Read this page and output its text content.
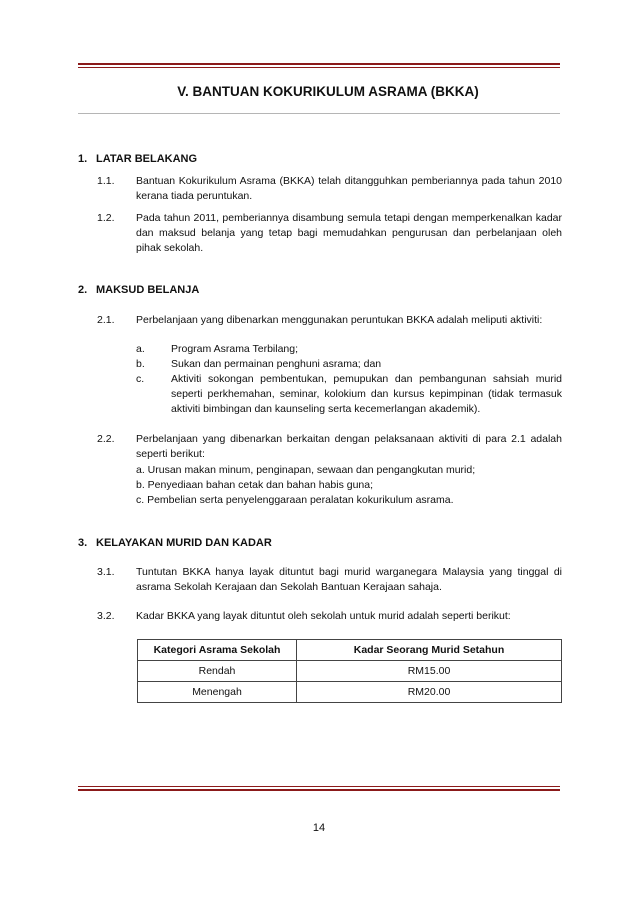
V. BANTUAN KOKURIKULUM ASRAMA (BKKA)
1. LATAR BELAKANG
1.1. Bantuan Kokurikulum Asrama (BKKA) telah ditangguhkan pemberiannya pada tahun 2010 kerana tiada peruntukan.
1.2. Pada tahun 2011, pemberiannya disambung semula tetapi dengan memperkenalkan kadar dan maksud belanja yang tetap bagi memudahkan pengurusan dan perbelanjaan oleh pihak sekolah.
2. MAKSUD BELANJA
2.1. Perbelanjaan yang dibenarkan menggunakan peruntukan BKKA adalah meliputi aktiviti:
a. Program Asrama Terbilang;
b. Sukan dan permainan penghuni asrama; dan
c.	Aktiviti sokongan pembentukan, pemupukan dan pembangunan sahsiah murid seperti perkhemahan, seminar, kolokium dan kursus kepimpinan (tidak termasuk aktiviti bimbingan dan kaunseling serta kecemerlangan akademik).
2.2. Perbelanjaan yang dibenarkan berkaitan dengan pelaksanaan aktiviti di para 2.1 adalah seperti berikut:
a. Urusan makan minum, penginapan, sewaan dan pengangkutan murid;
b. Penyediaan bahan cetak dan bahan habis guna;
c. Pembelian serta penyelenggaraan peralatan kokurikulum asrama.
3. KELAYAKAN MURID DAN KADAR
3.1. Tuntutan BKKA hanya layak dituntut bagi murid warganegara Malaysia yang tinggal di asrama Sekolah Kerajaan dan Sekolah Bantuan Kerajaan sahaja.
3.2. Kadar BKKA yang layak dituntut oleh sekolah untuk murid adalah seperti berikut:
Kategori Asrama Sekolah	Kadar Seorang Murid Setahun
Rendah	RM15.00
Menengah	RM20.00
14
